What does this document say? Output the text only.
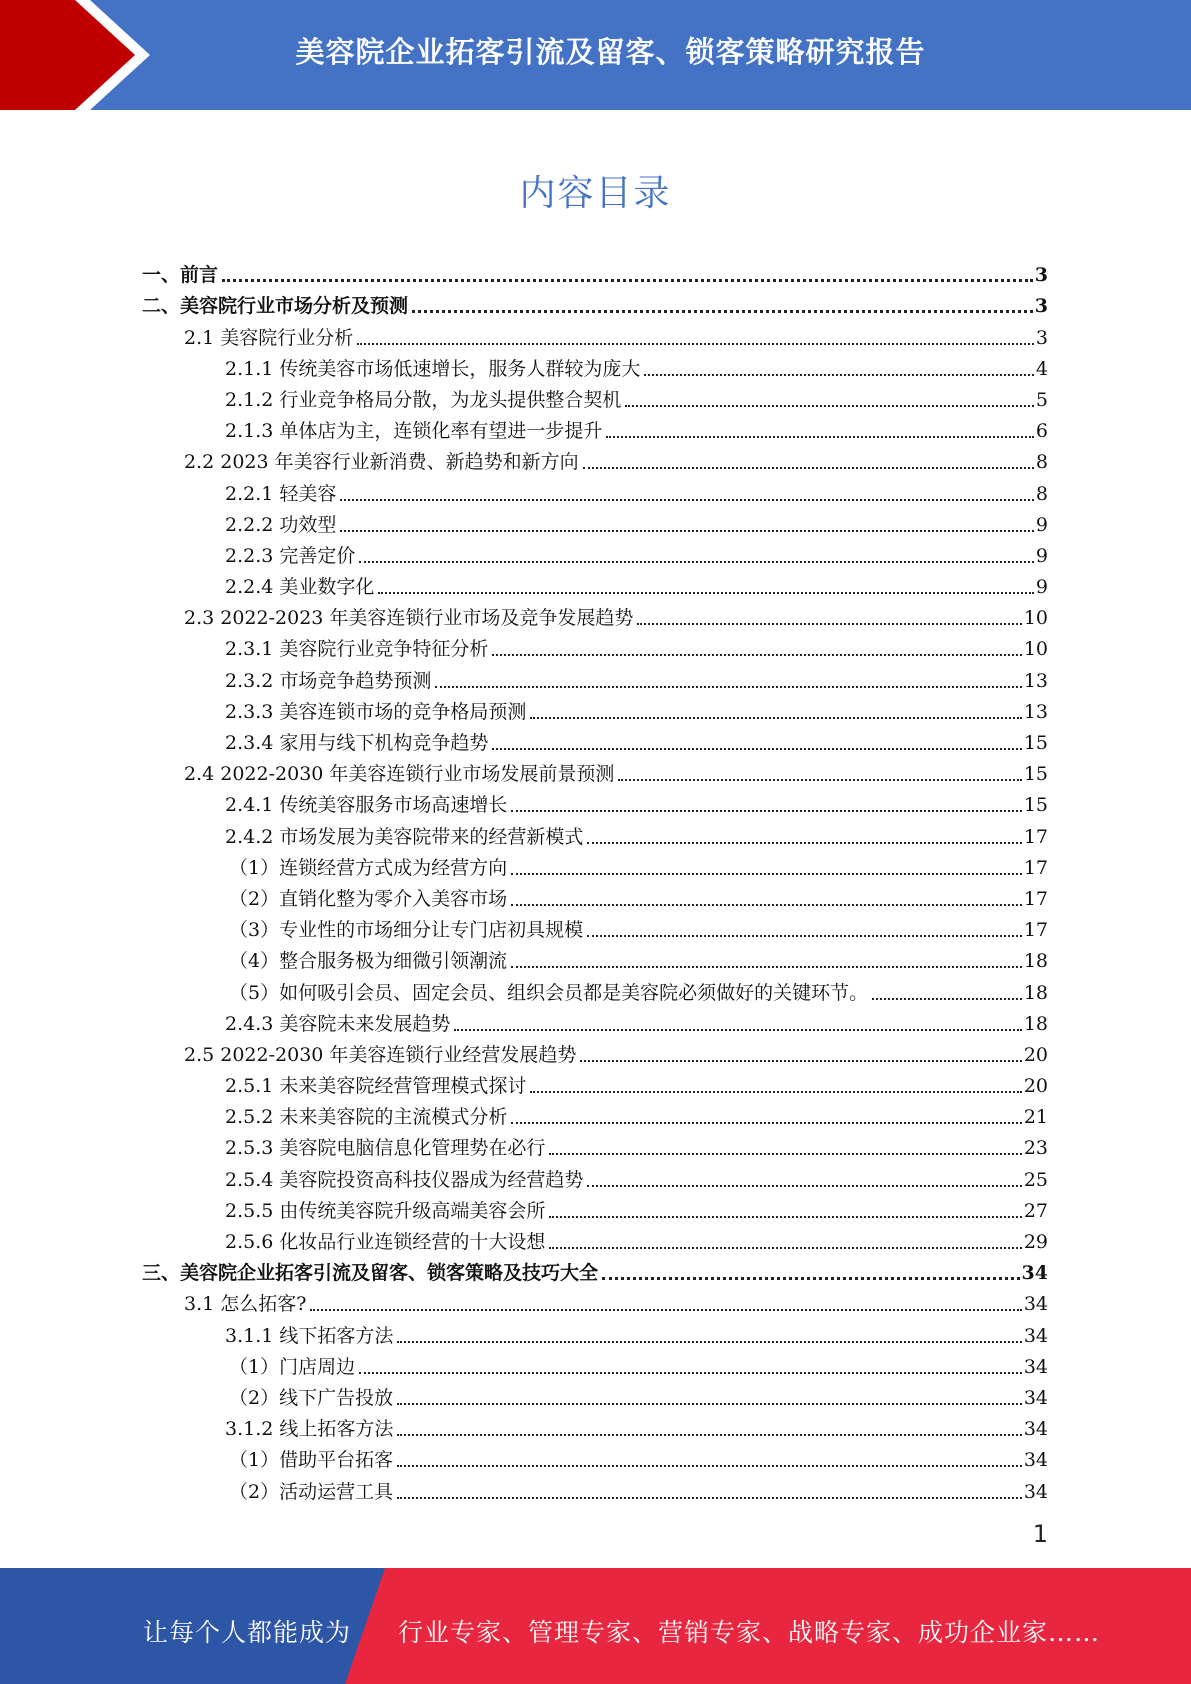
美容院企业拓客引流及留客、锁客策略研究报告
内容目录
一、前言	3
二、美容院行业市场分析及预测	3
2.1 美容院行业分析	3
2.1.1 传统美容市场低速增长，服务人群较为庞大	4
2.1.2 行业竞争格局分散，为龙头提供整合契机	5
2.1.3 单体店为主，连锁化率有望进一步提升	6
2.2 2023 年美容行业新消费、新趋势和新方向	8
2.2.1 轻美容	8
2.2.2 功效型	9
2.2.3 完善定价	9
2.2.4 美业数字化	9
2.3 2022-2023 年美容连锁行业市场及竞争发展趋势	10
2.3.1 美容院行业竞争特征分析	10
2.3.2 市场竞争趋势预测	13
2.3.3 美容连锁市场的竞争格局预测	13
2.3.4 家用与线下机构竞争趋势	15
2.4 2022-2030 年美容连锁行业市场发展前景预测	15
2.4.1 传统美容服务市场高速增长	15
2.4.2 市场发展为美容院带来的经营新模式	17
（1）连锁经营方式成为经营方向	17
（2）直销化整为零介入美容市场	17
（3）专业性的市场细分让专门店初具规模	17
（4）整合服务极为细微引领潮流	18
（5）如何吸引会员、固定会员、组织会员都是美容院必须做好的关键环节。	18
2.4.3 美容院未来发展趋势	18
2.5 2022-2030 年美容连锁行业经营发展趋势	20
2.5.1 未来美容院经营管理模式探讨	20
2.5.2 未来美容院的主流模式分析	21
2.5.3 美容院电脑信息化管理势在必行	23
2.5.4 美容院投资高科技仪器成为经营趋势	25
2.5.5 由传统美容院升级高端美容会所	27
2.5.6 化妆品行业连锁经营的十大设想	29
三、美容院企业拓客引流及留客、锁客策略及技巧大全	34
3.1 怎么拓客?	34
3.1.1 线下拓客方法	34
（1）门店周边	34
（2）线下广告投放	34
3.1.2 线上拓客方法	34
（1）借助平台拓客	34
（2）活动运营工具	34
1
让每个人都能成为 行业专家、管理专家、营销专家、战略专家、成功企业家……
